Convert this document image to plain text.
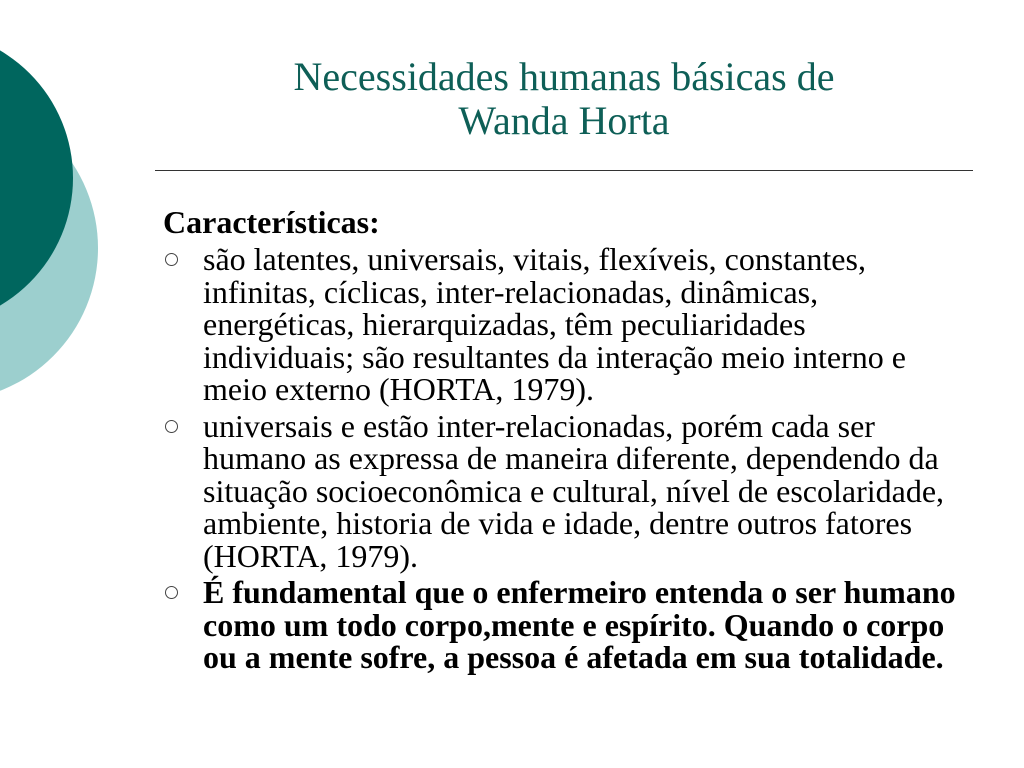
Necessidades humanas básicas de
Wanda Horta
Características:
são latentes, universais, vitais, flexíveis, constantes, infinitas, cíclicas, inter-relacionadas, dinâmicas, energéticas, hierarquizadas, têm peculiaridades individuais; são resultantes da interação meio interno e meio externo (HORTA, 1979).
universais e estão inter-relacionadas, porém cada ser humano as expressa de maneira diferente, dependendo da situação socioeconômica e cultural, nível de escolaridade, ambiente, historia de vida e idade, dentre outros fatores (HORTA, 1979).
É fundamental que o enfermeiro entenda o ser humano como um todo corpo,mente e espírito. Quando o corpo ou a mente sofre, a pessoa é afetada em sua totalidade.
